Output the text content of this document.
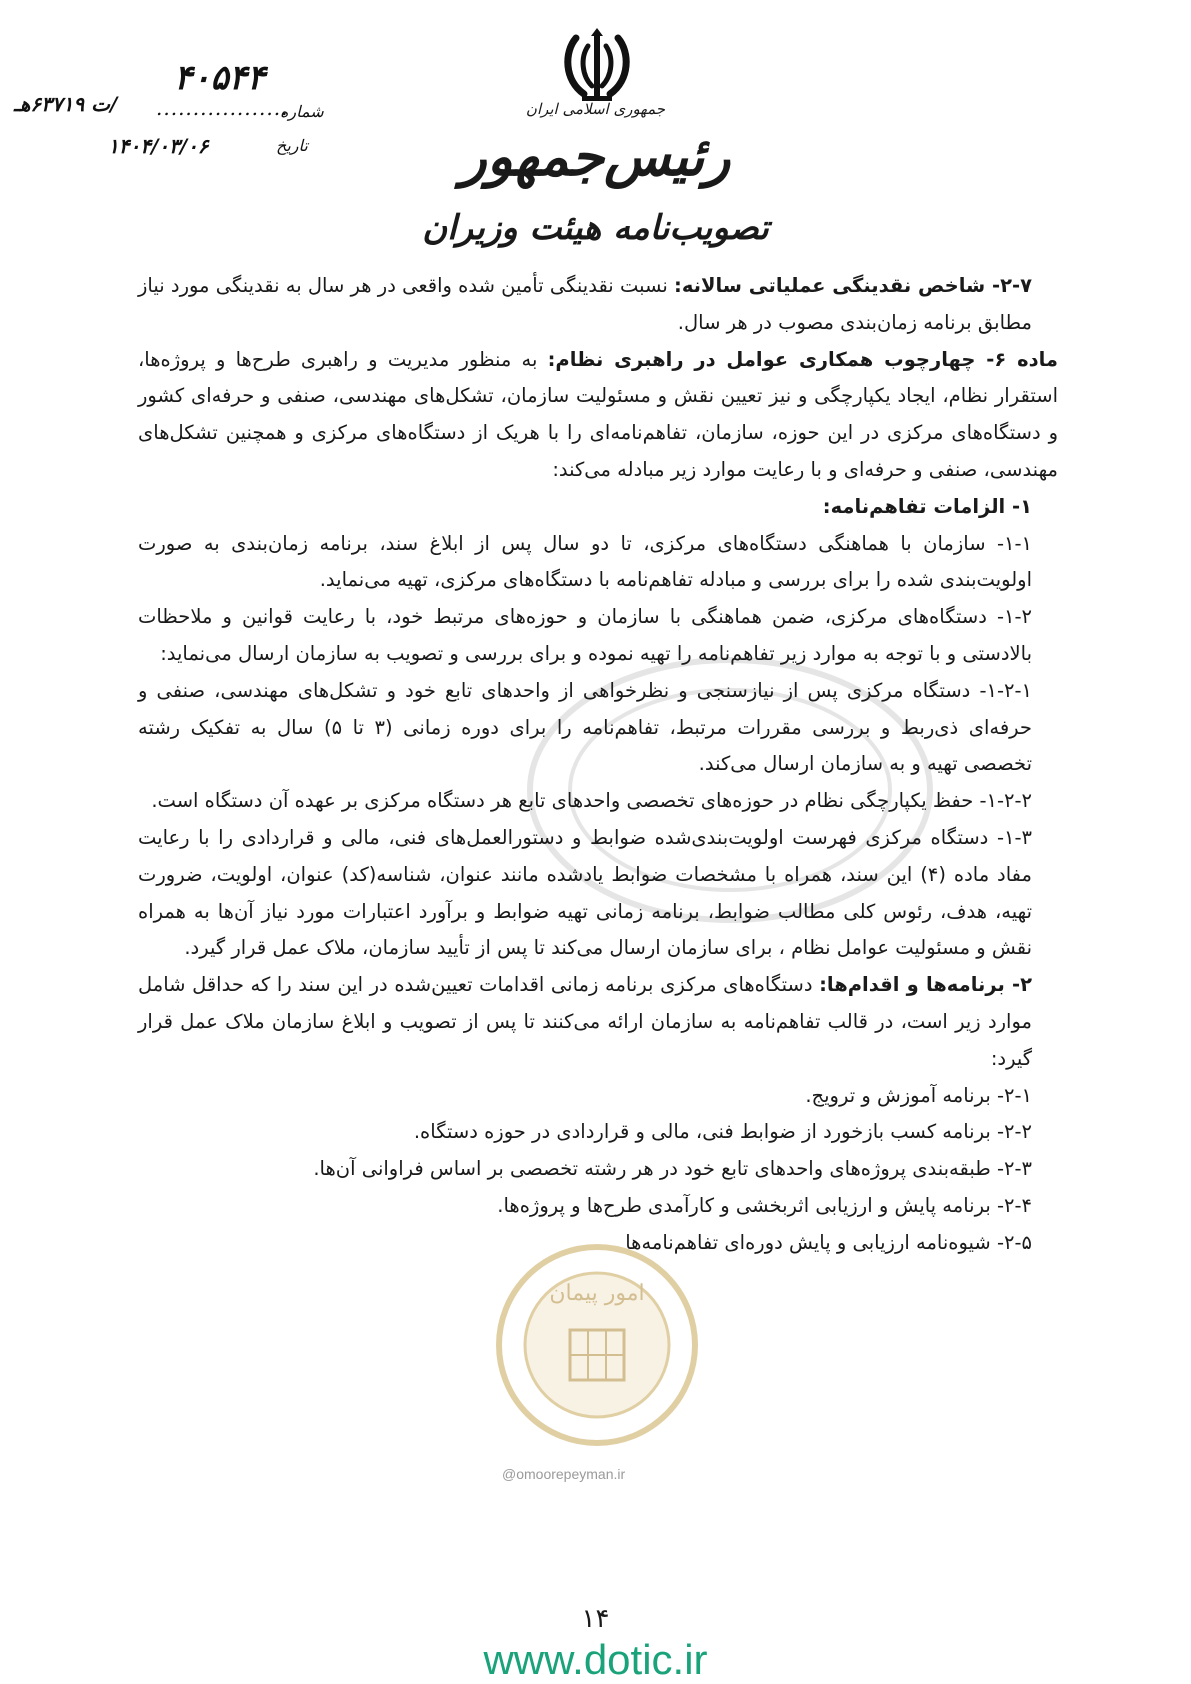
جمهوری اسلامی ایران
رئیس‌جمهور
تصویب‌نامه هیئت وزیران
۴۰۵۴۴
/ت ۶۳۷۱۹هـ ..................
شماره
۱۴۰۴/۰۳/۰۶	تاریخ

۲-۷- شاخص نقدینگی عملیاتی سالانه: نسبت نقدینگی تأمین شده واقعی در هر سال به نقدینگی مورد نیاز مطابق برنامه زمان‌بندی مصوب در هر سال.

ماده ۶- چهارچوب همکاری عوامل در راهبری نظام: به منظور مدیریت و راهبری طرح‌ها و پروژه‌ها، استقرار نظام، ایجاد یکپارچگی و نیز تعیین نقش و مسئولیت سازمان، تشکل‌های مهندسی، صنفی و حرفه‌ای کشور و دستگاه‌های مرکزی در این حوزه، سازمان، تفاهم‌نامه‌ای را با هریک از دستگاه‌های مرکزی و همچنین تشکل‌های مهندسی، صنفی و حرفه‌ای و با رعایت موارد زیر مبادله می‌کند:

۱- الزامات تفاهم‌نامه:

۱-۱- سازمان با هماهنگی دستگاه‌های مرکزی، تا دو سال پس از ابلاغ سند، برنامه زمان‌بندی به صورت اولویت‌بندی شده را برای بررسی و مبادله تفاهم‌نامه با دستگاه‌های مرکزی، تهیه می‌نماید.

۱-۲- دستگاه‌های مرکزی، ضمن هماهنگی با سازمان و حوزه‌های مرتبط خود، با رعایت قوانین و ملاحظات بالادستی و با توجه به موارد زیر تفاهم‌نامه را تهیه نموده و برای بررسی و تصویب به سازمان ارسال می‌نماید:

۱-۲-۱- دستگاه مرکزی پس از نیازسنجی و نظرخواهی از واحدهای تابع خود و تشکل‌های مهندسی، صنفی و حرفه‌ای ذی‌ربط و بررسی مقررات مرتبط، تفاهم‌نامه را برای دوره زمانی (۳ تا ۵) سال به تفکیک رشته تخصصی تهیه و به سازمان ارسال می‌کند.

۱-۲-۲- حفظ یکپارچگی نظام در حوزه‌های تخصصی واحدهای تابع هر دستگاه مرکزی بر عهده آن دستگاه است.

۱-۳- دستگاه مرکزی فهرست اولویت‌بندی‌شده ضوابط و دستورالعمل‌های فنی، مالی و قراردادی را با رعایت مفاد ماده (۴) این سند، همراه با مشخصات ضوابط یادشده مانند عنوان، شناسه(کد) عنوان، اولویت، ضرورت تهیه، هدف، رئوس کلی مطالب ضوابط، برنامه زمانی تهیه ضوابط و برآورد اعتبارات مورد نیاز آن‌ها به همراه نقش و مسئولیت عوامل نظام ، برای سازمان ارسال می‌کند تا پس از تأیید سازمان، ملاک عمل قرار گیرد.

۲- برنامه‌ها و اقدام‌ها: دستگاه‌های مرکزی برنامه زمانی اقدامات تعیین‌شده در این سند را که حداقل شامل موارد زیر است، در قالب تفاهم‌نامه به سازمان ارائه می‌کنند تا پس از تصویب و ابلاغ سازمان ملاک عمل قرار گیرد:

۲-۱- برنامه آموزش و ترویج.

۲-۲- برنامه کسب بازخورد از ضوابط فنی، مالی و قراردادی در حوزه دستگاه.

۲-۳- طبقه‌بندی پروژه‌های واحدهای تابع خود در هر رشته تخصصی بر اساس فراوانی آن‌ها.

۲-۴- برنامه پایش و ارزیابی اثربخشی و کارآمدی طرح‌ها و پروژه‌ها.

۲-۵- شیوه‌نامه ارزیابی و پایش دوره‌ای تفاهم‌نامه‌ها

امور پیمان
@omoorepeyman.ir
۱۴
www.dotic.ir
